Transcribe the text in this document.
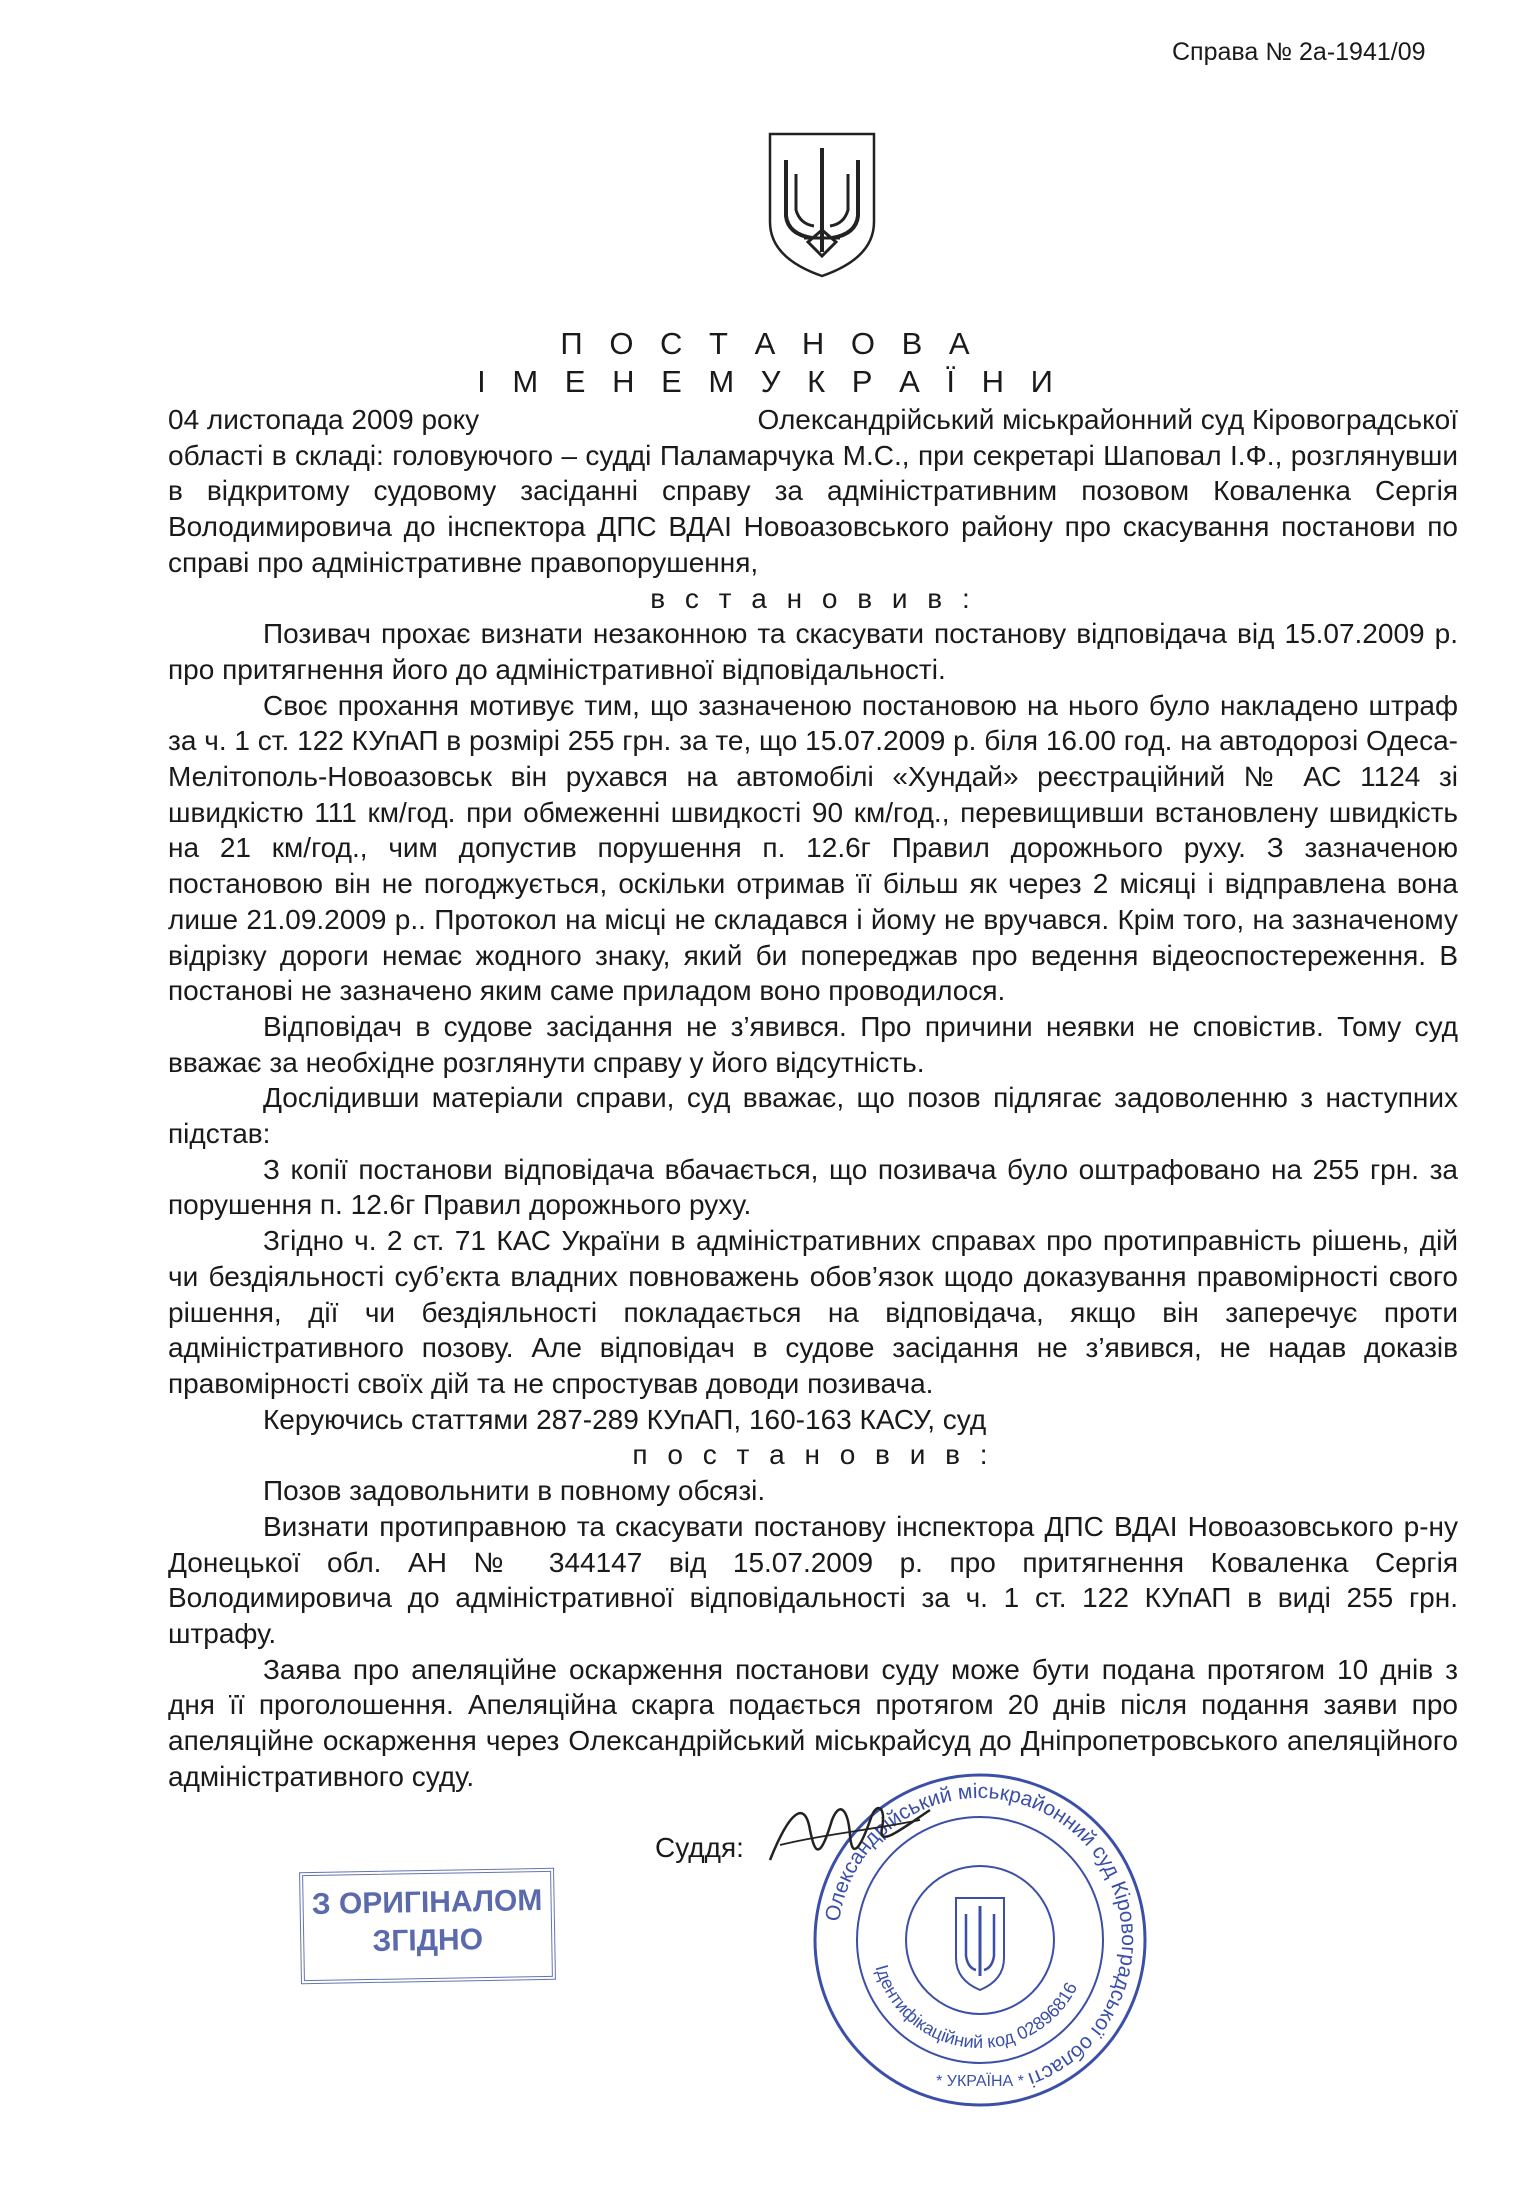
Справа № 2а-1941/09
П О С Т А Н О В А
І М Е Н Е М У К Р А Ї Н И

04 листопада 2009 року	Олександрійський міськрайонний суд Кіровоградської

області в складі: головуючого – судді Паламарчука М.С., при секретарі Шаповал І.Ф., розглянувши в відкритому судовому засіданні справу за адміністративним позовом Коваленка Сергія Володимировича до інспектора ДПС ВДАІ Новоазовського району про скасування постанови по справі про адміністративне правопорушення,

в с т а н о в и в :

Позивач прохає визнати незаконною та скасувати постанову відповідача від 15.07.2009 р. про притягнення його до адміністративної відповідальності.

Своє прохання мотивує тим, що зазначеною постановою на нього було накладено штраф за ч. 1 ст. 122 КУпАП в розмірі 255 грн. за те, що 15.07.2009 р. біля 16.00 год. на автодорозі Одеса-Мелітополь-Новоазовськ він рухався на автомобілі «Хундай» реєстраційний № АС 1124 зі швидкістю 111 км/год. при обмеженні швидкості 90 км/год., перевищивши встановлену швидкість на 21 км/год., чим допустив порушення п. 12.6г Правил дорожнього руху. З зазначеною постановою він не погоджується, оскільки отримав її більш як через 2 місяці і відправлена вона лише 21.09.2009 р.. Протокол на місці не складався і йому не вручався. Крім того, на зазначеному відрізку дороги немає жодного знаку, який би попереджав про ведення відеоспостереження. В постанові не зазначено яким саме приладом воно проводилося.

Відповідач в судове засідання не з’явився. Про причини неявки не сповістив. Тому суд вважає за необхідне розглянути справу у його відсутність.

Дослідивши матеріали справи, суд вважає, що позов підлягає задоволенню з наступних підстав:

З копії постанови відповідача вбачається, що позивача було оштрафовано на 255 грн. за порушення п. 12.6г Правил дорожнього руху.

Згідно ч. 2 ст. 71 КАС України в адміністративних справах про протиправність рішень, дій чи бездіяльності суб’єкта владних повноважень обов’язок щодо доказування правомірності свого рішення, дії чи бездіяльності покладається на відповідача, якщо він заперечує проти адміністративного позову. Але відповідач в судове засідання не з’явився, не надав доказів правомірності своїх дій та не спростував доводи позивача.

Керуючись статтями 287-289 КУпАП, 160-163 КАСУ, суд

п о с т а н о в и в :

Позов задовольнити в повному обсязі.

Визнати протиправною та скасувати постанову інспектора ДПС ВДАІ Новоазовського р-ну Донецької обл. АН № 344147 від 15.07.2009 р. про притягнення Коваленка Сергія Володимировича до адміністративної відповідальності за ч. 1 ст. 122 КУпАП в виді 255 грн. штрафу.

Заява про апеляційне оскарження постанови суду може бути подана протягом 10 днів з дня її проголошення. Апеляційна скарга подається протягом 20 днів після подання заяви про апеляційне оскарження через Олександрійський міськрайсуд до Дніпропетровського апеляційного адміністративного суду.

Суддя:
З ОРИГІНАЛОМ
ЗГІДНО
Олександрійський міськрайонний суд Кіровоградської області
Ідентифікаційний код 02896816
* УКРАЇНА *
